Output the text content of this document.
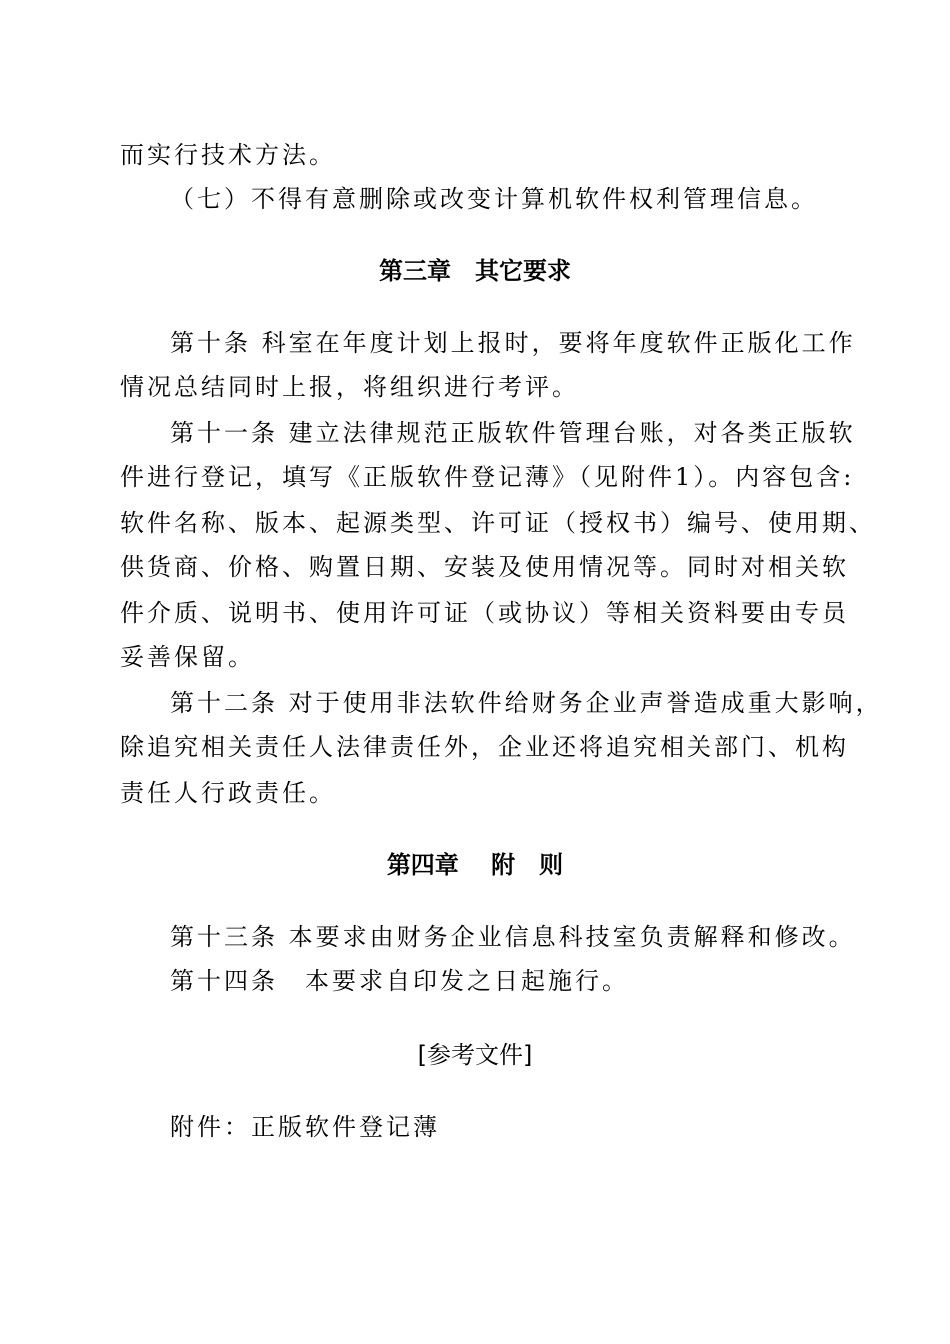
而实行技术方法。
（七）不得有意删除或改变计算机软件权利管理信息。
第三章　其它要求
第十条 科室在年度计划上报时，要将年度软件正版化工作
情况总结同时上报，将组织进行考评。
第十一条 建立法律规范正版软件管理台账，对各类正版软
件进行登记，填写《正版软件登记薄》（见附件1）。内容包含:
软件名称、版本、起源类型、许可证（授权书）编号、使用期、
供货商、价格、购置日期、安装及使用情况等。同时对相关软
件介质、说明书、使用许可证（或协议）等相关资料要由专员
妥善保留。
第十二条 对于使用非法软件给财务企业声誉造成重大影响，
除追究相关责任人法律责任外，企业还将追究相关部门、机构
责任人行政责任。
第四章　 附　则
第十三条 本要求由财务企业信息科技室负责解释和修改。
第十四条　本要求自印发之日起施行。
[参考文件]
附件：正版软件登记薄
